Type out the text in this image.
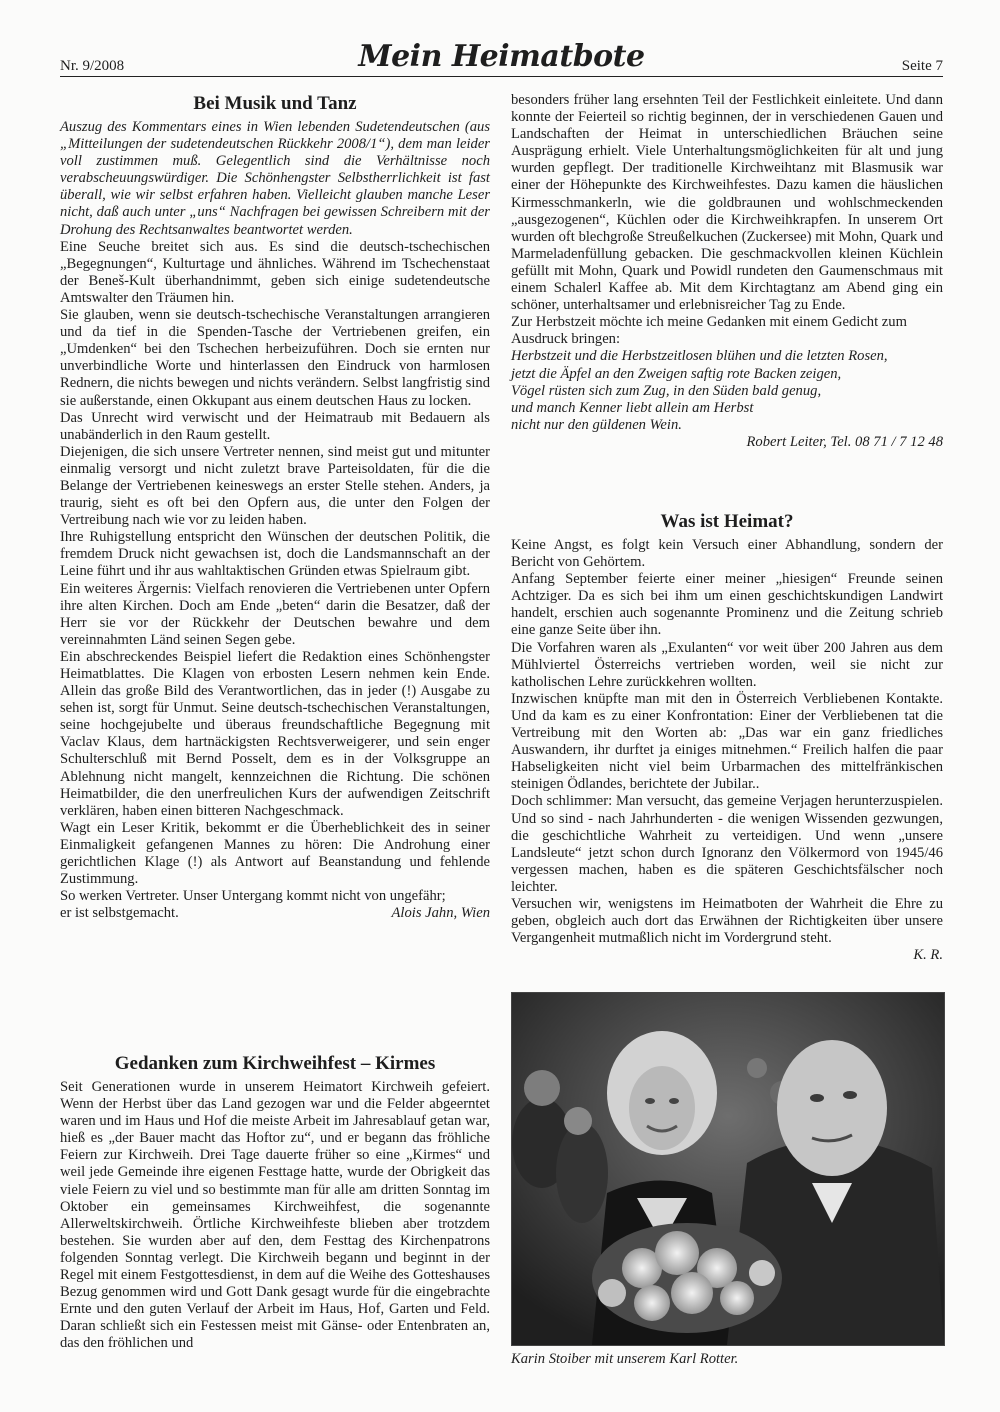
Nr. 9/2008	Mein Heimatbote	Seite 7
Bei Musik und Tanz

Auszug des Kommentars eines in Wien lebenden Sudetendeutschen (aus „Mitteilungen der sudetendeutschen Rückkehr 2008/1“), dem man leider voll zustimmen muß. Gelegentlich sind die Verhältnisse noch verabscheuungswürdiger. Die Schönhengster Selbstherrlichkeit ist fast überall, wie wir selbst erfahren haben. Vielleicht glauben manche Leser nicht, daß auch unter „uns“ Nachfragen bei gewissen Schreibern mit der Drohung des Rechtsanwaltes beantwortet werden.

Eine Seuche breitet sich aus. Es sind die deutsch-tschechischen „Begegnungen“, Kulturtage und ähnliches. Während im Tschechenstaat der Beneš-Kult überhandnimmt, geben sich einige sudetendeutsche Amtswalter den Träumen hin.

Sie glauben, wenn sie deutsch-tschechische Veranstaltungen arrangieren und da tief in die Spenden-Tasche der Vertriebenen greifen, ein „Umdenken“ bei den Tschechen herbeizuführen. Doch sie ernten nur unverbindliche Worte und hinterlassen den Eindruck von harmlosen Rednern, die nichts bewegen und nichts verändern. Selbst langfristig sind sie außerstande, einen Okkupant aus einem deutschen Haus zu locken.

Das Unrecht wird verwischt und der Heimatraub mit Bedauern als unabänderlich in den Raum gestellt.

Diejenigen, die sich unsere Vertreter nennen, sind meist gut und mitunter einmalig versorgt und nicht zuletzt brave Parteisoldaten, für die die Belange der Vertriebenen keineswegs an erster Stelle stehen. Anders, ja traurig, sieht es oft bei den Opfern aus, die unter den Folgen der Vertreibung nach wie vor zu leiden haben.

Ihre Ruhigstellung entspricht den Wünschen der deutschen Politik, die fremdem Druck nicht gewachsen ist, doch die Landsmannschaft an der Leine führt und ihr aus wahltaktischen Gründen etwas Spielraum gibt.

Ein weiteres Ärgernis: Vielfach renovieren die Vertriebenen unter Opfern ihre alten Kirchen. Doch am Ende „beten“ darin die Besatzer, daß der Herr sie vor der Rückkehr der Deutschen bewahre und dem vereinnahmten Länd seinen Segen gebe.

Ein abschreckendes Beispiel liefert die Redaktion eines Schönhengster Heimatblattes. Die Klagen von erbosten Lesern nehmen kein Ende. Allein das große Bild des Verantwortlichen, das in jeder (!) Ausgabe zu sehen ist, sorgt für Unmut. Seine deutsch-tschechischen Veranstaltungen, seine hochgejubelte und überaus freundschaftliche Begegnung mit Vaclav Klaus, dem hartnäckigsten Rechtsverweigerer, und sein enger Schulterschluß mit Bernd Posselt, dem es in der Volksgruppe an Ablehnung nicht mangelt, kennzeichnen die Richtung. Die schönen Heimatbilder, die den unerfreulichen Kurs der aufwendigen Zeitschrift verklären, haben einen bitteren Nachgeschmack.

Wagt ein Leser Kritik, bekommt er die Überheblichkeit des in seiner Einmaligkeit gefangenen Mannes zu hören: Die Androhung einer gerichtlichen Klage (!) als Antwort auf Beanstandung und fehlende Zustimmung.

So werken Vertreter. Unser Untergang kommt nicht von ungefähr;

er ist selbstgemacht.	Alois Jahn, Wien
Gedanken zum Kirchweihfest – Kirmes

Seit Generationen wurde in unserem Heimatort Kirchweih gefeiert. Wenn der Herbst über das Land gezogen war und die Felder abgeerntet waren und im Haus und Hof die meiste Arbeit im Jahresablauf getan war, hieß es „der Bauer macht das Hoftor zu“, und er begann das fröhliche Feiern zur Kirchweih. Drei Tage dauerte früher so eine „Kirmes“ und weil jede Gemeinde ihre eigenen Festtage hatte, wurde der Obrigkeit das viele Feiern zu viel und so bestimmte man für alle am dritten Sonntag im Oktober ein gemeinsames Kirchweihfest, die sogenannte Allerweltskirchweih. Örtliche Kirchweihfeste blieben aber trotzdem bestehen. Sie wurden aber auf den, dem Festtag des Kirchenpatrons folgenden Sonntag verlegt. Die Kirchweih begann und beginnt in der Regel mit einem Festgottesdienst, in dem auf die Weihe des Gotteshauses Bezug genommen wird und Gott Dank gesagt wurde für die eingebrachte Ernte und den guten Verlauf der Arbeit im Haus, Hof, Garten und Feld. Daran schließt sich ein Festessen meist mit Gänse- oder Entenbraten an, das den fröhlichen und

besonders früher lang ersehnten Teil der Festlichkeit einleitete. Und dann konnte der Feierteil so richtig beginnen, der in verschiedenen Gauen und Landschaften der Heimat in unterschiedlichen Bräuchen seine Ausprägung erhielt. Viele Unterhaltungsmöglichkeiten für alt und jung wurden gepflegt. Der traditionelle Kirchweihtanz mit Blasmusik war einer der Höhepunkte des Kirchweihfestes. Dazu kamen die häuslichen Kirmesschmankerln, wie die goldbraunen und wohlschmeckenden „ausgezogenen“, Küchlen oder die Kirchweihkrapfen. In unserem Ort wurden oft blechgroße Streußelkuchen (Zuckersee) mit Mohn, Quark und Marmeladenfüllung gebacken. Die geschmackvollen kleinen Küchlein gefüllt mit Mohn, Quark und Powidl rundeten den Gaumenschmaus mit einem Schalerl Kaffee ab. Mit dem Kirchtagtanz am Abend ging ein schöner, unterhaltsamer und erlebnisreicher Tag zu Ende.

Zur Herbstzeit möchte ich meine Gedanken mit einem Gedicht zum Ausdruck bringen:

Herbstzeit und die Herbstzeitlosen blühen und die letzten Rosen,
jetzt die Äpfel an den Zweigen saftig rote Backen zeigen,
Vögel rüsten sich zum Zug, in den Süden bald genug,
und manch Kenner liebt allein am Herbst
nicht nur den güldenen Wein.
Robert Leiter, Tel. 08 71 / 7 12 48
Was ist Heimat?

Keine Angst, es folgt kein Versuch einer Abhandlung, sondern der Bericht von Gehörtem.

Anfang September feierte einer meiner „hiesigen“ Freunde seinen Achtziger. Da es sich bei ihm um einen geschichtskundigen Landwirt handelt, erschien auch sogenannte Prominenz und die Zeitung schrieb eine ganze Seite über ihn.

Die Vorfahren waren als „Exulanten“ vor weit über 200 Jahren aus dem Mühlviertel Österreichs vertrieben worden, weil sie nicht zur katholischen Lehre zurückkehren wollten.

Inzwischen knüpfte man mit den in Österreich Verbliebenen Kontakte. Und da kam es zu einer Konfrontation: Einer der Verbliebenen tat die Vertreibung mit den Worten ab: „Das war ein ganz friedliches Auswandern, ihr durftet ja einiges mitnehmen.“ Freilich halfen die paar Habseligkeiten nicht viel beim Urbarmachen des mittelfränkischen steinigen Ödlandes, berichtete der Jubilar..

Doch schlimmer: Man versucht, das gemeine Verjagen herunterzuspielen. Und so sind - nach Jahrhunderten - die wenigen Wissenden gezwungen, die geschichtliche Wahrheit zu verteidigen. Und wenn „unsere Landsleute“ jetzt schon durch Ignoranz den Völkermord von 1945/46 vergessen machen, haben es die späteren Geschichtsfälscher noch leichter.

Versuchen wir, wenigstens im Heimatboten der Wahrheit die Ehre zu geben, obgleich auch dort das Erwähnen der Richtigkeiten über unsere Vergangenheit mutmaßlich nicht im Vordergrund steht.

K. R.
Karin Stoiber mit unserem Karl Rotter.
